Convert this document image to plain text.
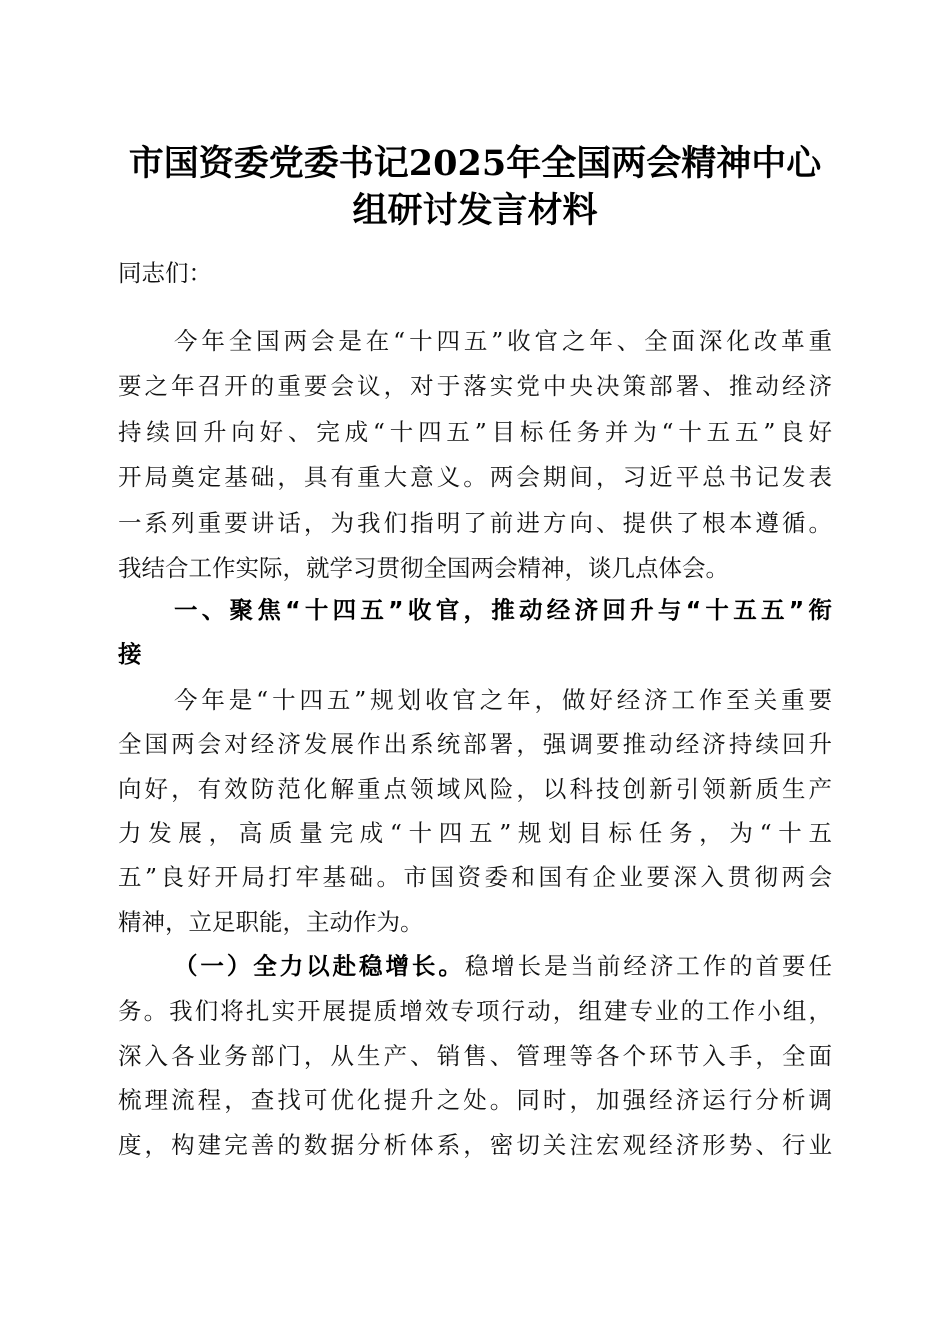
市国资委党委书记2025年全国两会精神中心
组研讨发言材料
同志们：
今年全国两会是在“十四五”收官之年、全面深化改革重
要之年召开的重要会议，对于落实党中央决策部署、推动经济
持续回升向好、完成“十四五”目标任务并为“十五五”良好
开局奠定基础，具有重大意义。两会期间，习近平总书记发表
一系列重要讲话，为我们指明了前进方向、提供了根本遵循。
我结合工作实际，就学习贯彻全国两会精神，谈几点体会。
一、聚焦“十四五”收官，推动经济回升与“十五五”衔
接
今年是“十四五”规划收官之年，做好经济工作至关重要
全国两会对经济发展作出系统部署，强调要推动经济持续回升
向好，有效防范化解重点领域风险，以科技创新引领新质生产
力发展，高质量完成“十四五”规划目标任务，为“十五
五”良好开局打牢基础。市国资委和国有企业要深入贯彻两会
精神，立足职能，主动作为。
（一）全力以赴稳增长。稳增长是当前经济工作的首要任
务。我们将扎实开展提质增效专项行动，组建专业的工作小组，
深入各业务部门，从生产、销售、管理等各个环节入手，全面
梳理流程，查找可优化提升之处。同时，加强经济运行分析调
度，构建完善的数据分析体系，密切关注宏观经济形势、行业
